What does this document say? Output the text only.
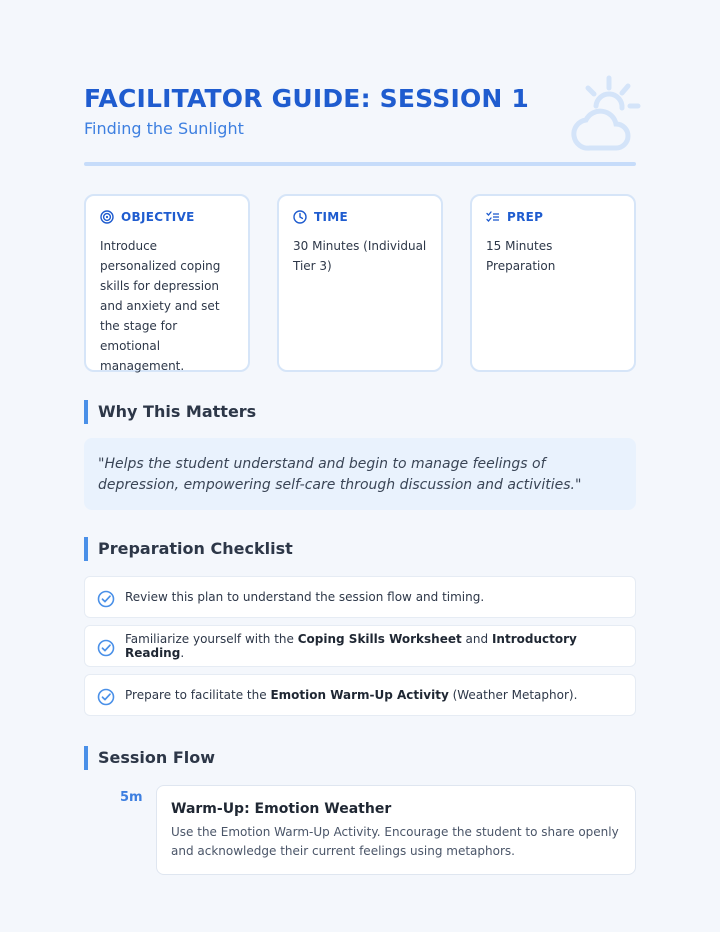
FACILITATOR GUIDE: SESSION 1
Finding the Sunlight
OBJECTIVE
Introduce personalized coping skills for depression and anxiety and set the stage for emotional management.
TIME
30 Minutes (Individual Tier 3)
PREP
15 Minutes Preparation
Why This Matters
"Helps the student understand and begin to manage feelings of depression, empowering self-care through discussion and activities."
Preparation Checklist
Review this plan to understand the session flow and timing.
Familiarize yourself with the Coping Skills Worksheet and Introductory Reading.
Prepare to facilitate the Emotion Warm-Up Activity (Weather Metaphor).
Session Flow
5m
Warm-Up: Emotion Weather
Use the Emotion Warm-Up Activity. Encourage the student to share openly and acknowledge their current feelings using metaphors.
